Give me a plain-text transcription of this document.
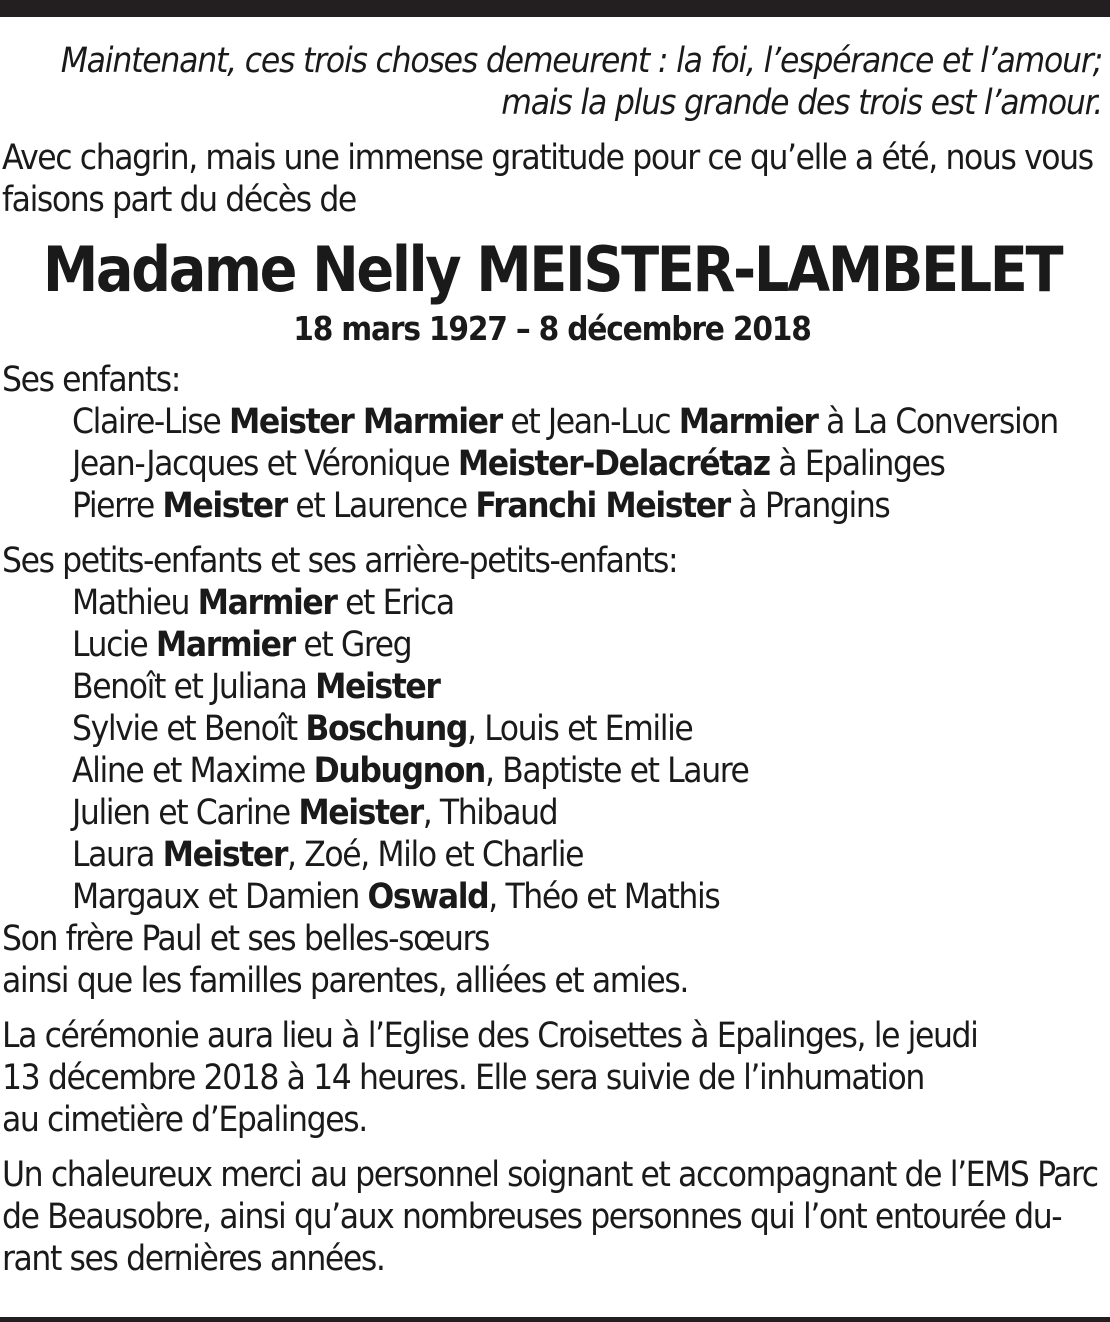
Maintenant, ces trois choses demeurent : la foi, l’espérance et l’amour;
mais la plus grande des trois est l’amour.
Avec chagrin, mais une immense gratitude pour ce qu’elle a été, nous vous
faisons part du décès de
Madame Nelly MEISTER-LAMBELET
18 mars 1927 – 8 décembre 2018
Ses enfants:
Claire-Lise Meister Marmier et Jean-Luc Marmier à La Conversion
Jean-Jacques et Véronique Meister-Delacrétaz à Epalinges
Pierre Meister et Laurence Franchi Meister à Prangins
Ses petits-enfants et ses arrière-petits-enfants:
Mathieu Marmier et Erica
Lucie Marmier et Greg
Benoît et Juliana Meister
Sylvie et Benoît Boschung, Louis et Emilie
Aline et Maxime Dubugnon, Baptiste et Laure
Julien et Carine Meister, Thibaud
Laura Meister, Zoé, Milo et Charlie
Margaux et Damien Oswald, Théo et Mathis
Son frère Paul et ses belles-sœurs
ainsi que les familles parentes, alliées et amies.
La cérémonie aura lieu à l’Eglise des Croisettes à Epalinges, le jeudi
13 décembre 2018 à 14 heures. Elle sera suivie de l’inhumation
au cimetière d’Epalinges.
Un chaleureux merci au personnel soignant et accompagnant de l’EMS Parc
de Beausobre, ainsi qu’aux nombreuses personnes qui l’ont entourée du-
rant ses dernières années.
